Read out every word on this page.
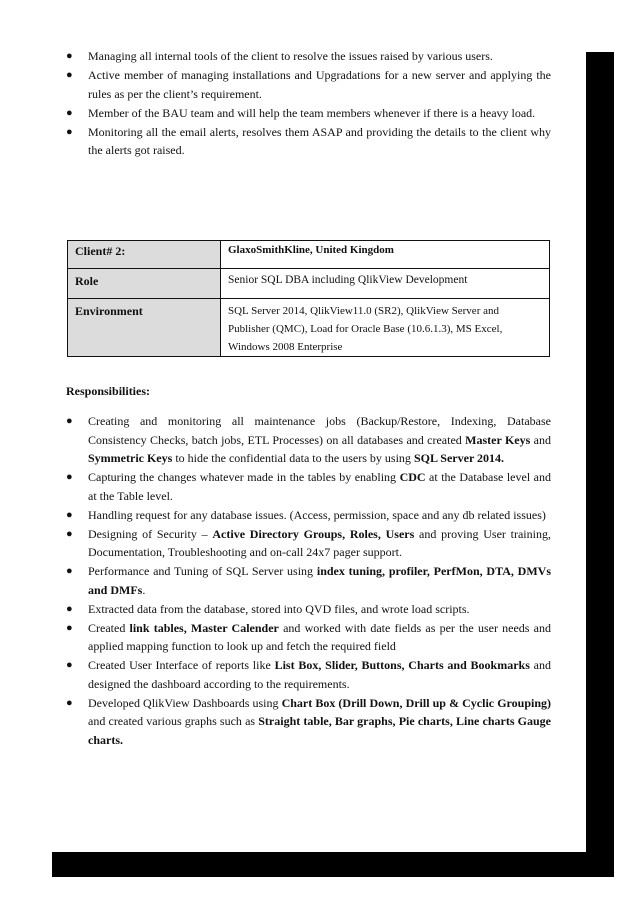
●	Managing all internal tools of the client to resolve the issues raised by various users.
●	Active member of managing installations and Upgradations for a new server and applying the rules as per the client’s requirement.
●	Member of the BAU team and will help the team members whenever if there is a heavy load.
●	Monitoring all the email alerts, resolves them ASAP and providing the details to the client why the alerts got raised.
Client# 2:	GlaxoSmithKline, United Kingdom
Role	Senior SQL DBA including QlikView Development
Environment	SQL Server 2014, QlikView11.0 (SR2), QlikView Server and Publisher (QMC), Load for Oracle Base (10.6.1.3), MS Excel, Windows 2008 Enterprise
Responsibilities:
●	Creating and monitoring all maintenance jobs (Backup/Restore, Indexing, Database Consistency Checks, batch jobs, ETL Processes) on all databases and created Master Keys and Symmetric Keys to hide the confidential data to the users by using SQL Server 2014.
●	Capturing the changes whatever made in the tables by enabling CDC at the Database level and at the Table level.
●	Handling request for any database issues. (Access, permission, space and any db related issues)
●	Designing of Security – Active Directory Groups, Roles, Users and proving User training, Documentation, Troubleshooting and on-call 24x7 pager support.
●	Performance and Tuning of SQL Server using index tuning, profiler, PerfMon, DTA, DMVs and DMFs.
●	Extracted data from the database, stored into QVD files, and wrote load scripts.
●	Created link tables, Master Calender and worked with date fields as per the user needs and applied mapping function to look up and fetch the required field
●	Created User Interface of reports like List Box, Slider, Buttons, Charts and Bookmarks and designed the dashboard according to the requirements.
●	Developed QlikView Dashboards using Chart Box (Drill Down, Drill up & Cyclic Grouping) and created various graphs such as Straight table, Bar graphs, Pie charts, Line charts Gauge charts.
